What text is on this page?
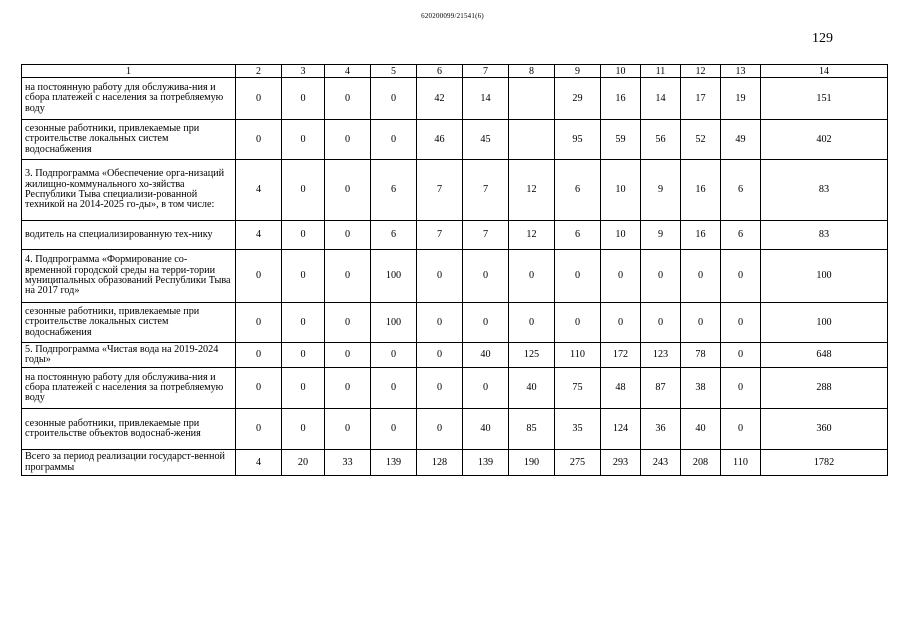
620200099/21541(6)
129
1	2	3	4	5	6	7	8	9	10	11	12	13	14
на постоянную работу для обслужива-ния и сбора платежей с населения за потребляемую воду	0	0	0	0	42	14		29	16	14	17	19	151
сезонные работники, привлекаемые при строительстве локальных систем водоснабжения	0	0	0	0	46	45		95	59	56	52	49	402
3. Подпрограмма «Обеспечение орга-низаций жилищно-коммунального хо-зяйства Республики Тыва специализи-рованной техникой на 2014-2025 го-ды», в том числе:	4	0	0	6	7	7	12	6	10	9	16	6	83
водитель на специализированную тех-нику	4	0	0	6	7	7	12	6	10	9	16	6	83
4. Подпрограмма «Формирование со-временной городской среды на терри-тории муниципальных образований Республики Тыва на 2017 год»	0	0	0	100	0	0	0	0	0	0	0	0	100
сезонные работники, привлекаемые при строительстве локальных систем водоснабжения	0	0	0	100	0	0	0	0	0	0	0	0	100
5. Подпрограмма «Чистая вода на 2019-2024 годы»	0	0	0	0	0	40	125	110	172	123	78	0	648
на постоянную работу для обслужива-ния и сбора платежей с населения за потребляемую воду	0	0	0	0	0	0	40	75	48	87	38	0	288
сезонные работники, привлекаемые при строительстве объектов водоснаб-жения	0	0	0	0	0	40	85	35	124	36	40	0	360
Всего за период реализации государст-венной программы	4	20	33	139	128	139	190	275	293	243	208	110	1782
